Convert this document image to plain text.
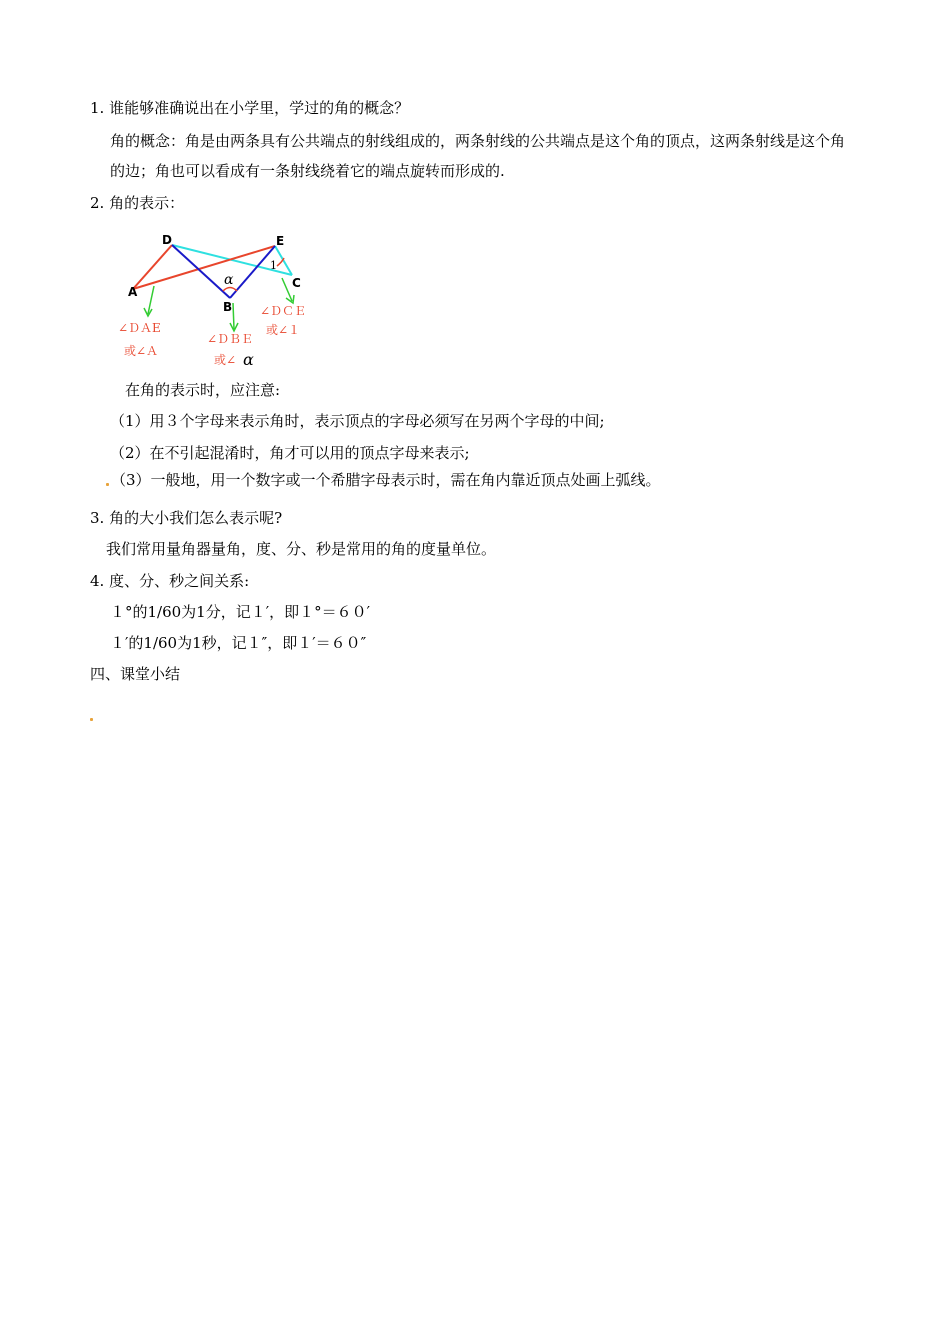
1. 谁能够准确说出在小学里，学过的角的概念？
角的概念：角是由两条具有公共端点的射线组成的，两条射线的公共端点是这个角的顶点，这两条射线是这个角
的边；角也可以看成有一条射线绕着它的端点旋转而形成的.
2. 角的表示：
D	E
C
A
B
α
1
∠ＤＡE
或∠Ａ
∠ＤＢＥ
或∠ α
∠ＤＣＥ
或∠１
在角的表示时，应注意:
（1）用３个字母来表示角时，表示顶点的字母必须写在另两个字母的中间;
（2）在不引起混淆时，角才可以用的顶点字母来表示;
（3）一般地，用一个数字或一个希腊字母表示时，需在角内靠近顶点处画上弧线。
3. 角的大小我们怎么表示呢?
我们常用量角器量角，度、分、秒是常用的角的度量单位。
4. 度、分、秒之间关系:
１°的1/60为1分，记１′，即１°＝６０′
１′的1/60为1秒，记１″，即１′＝６０″
四、课堂小结
